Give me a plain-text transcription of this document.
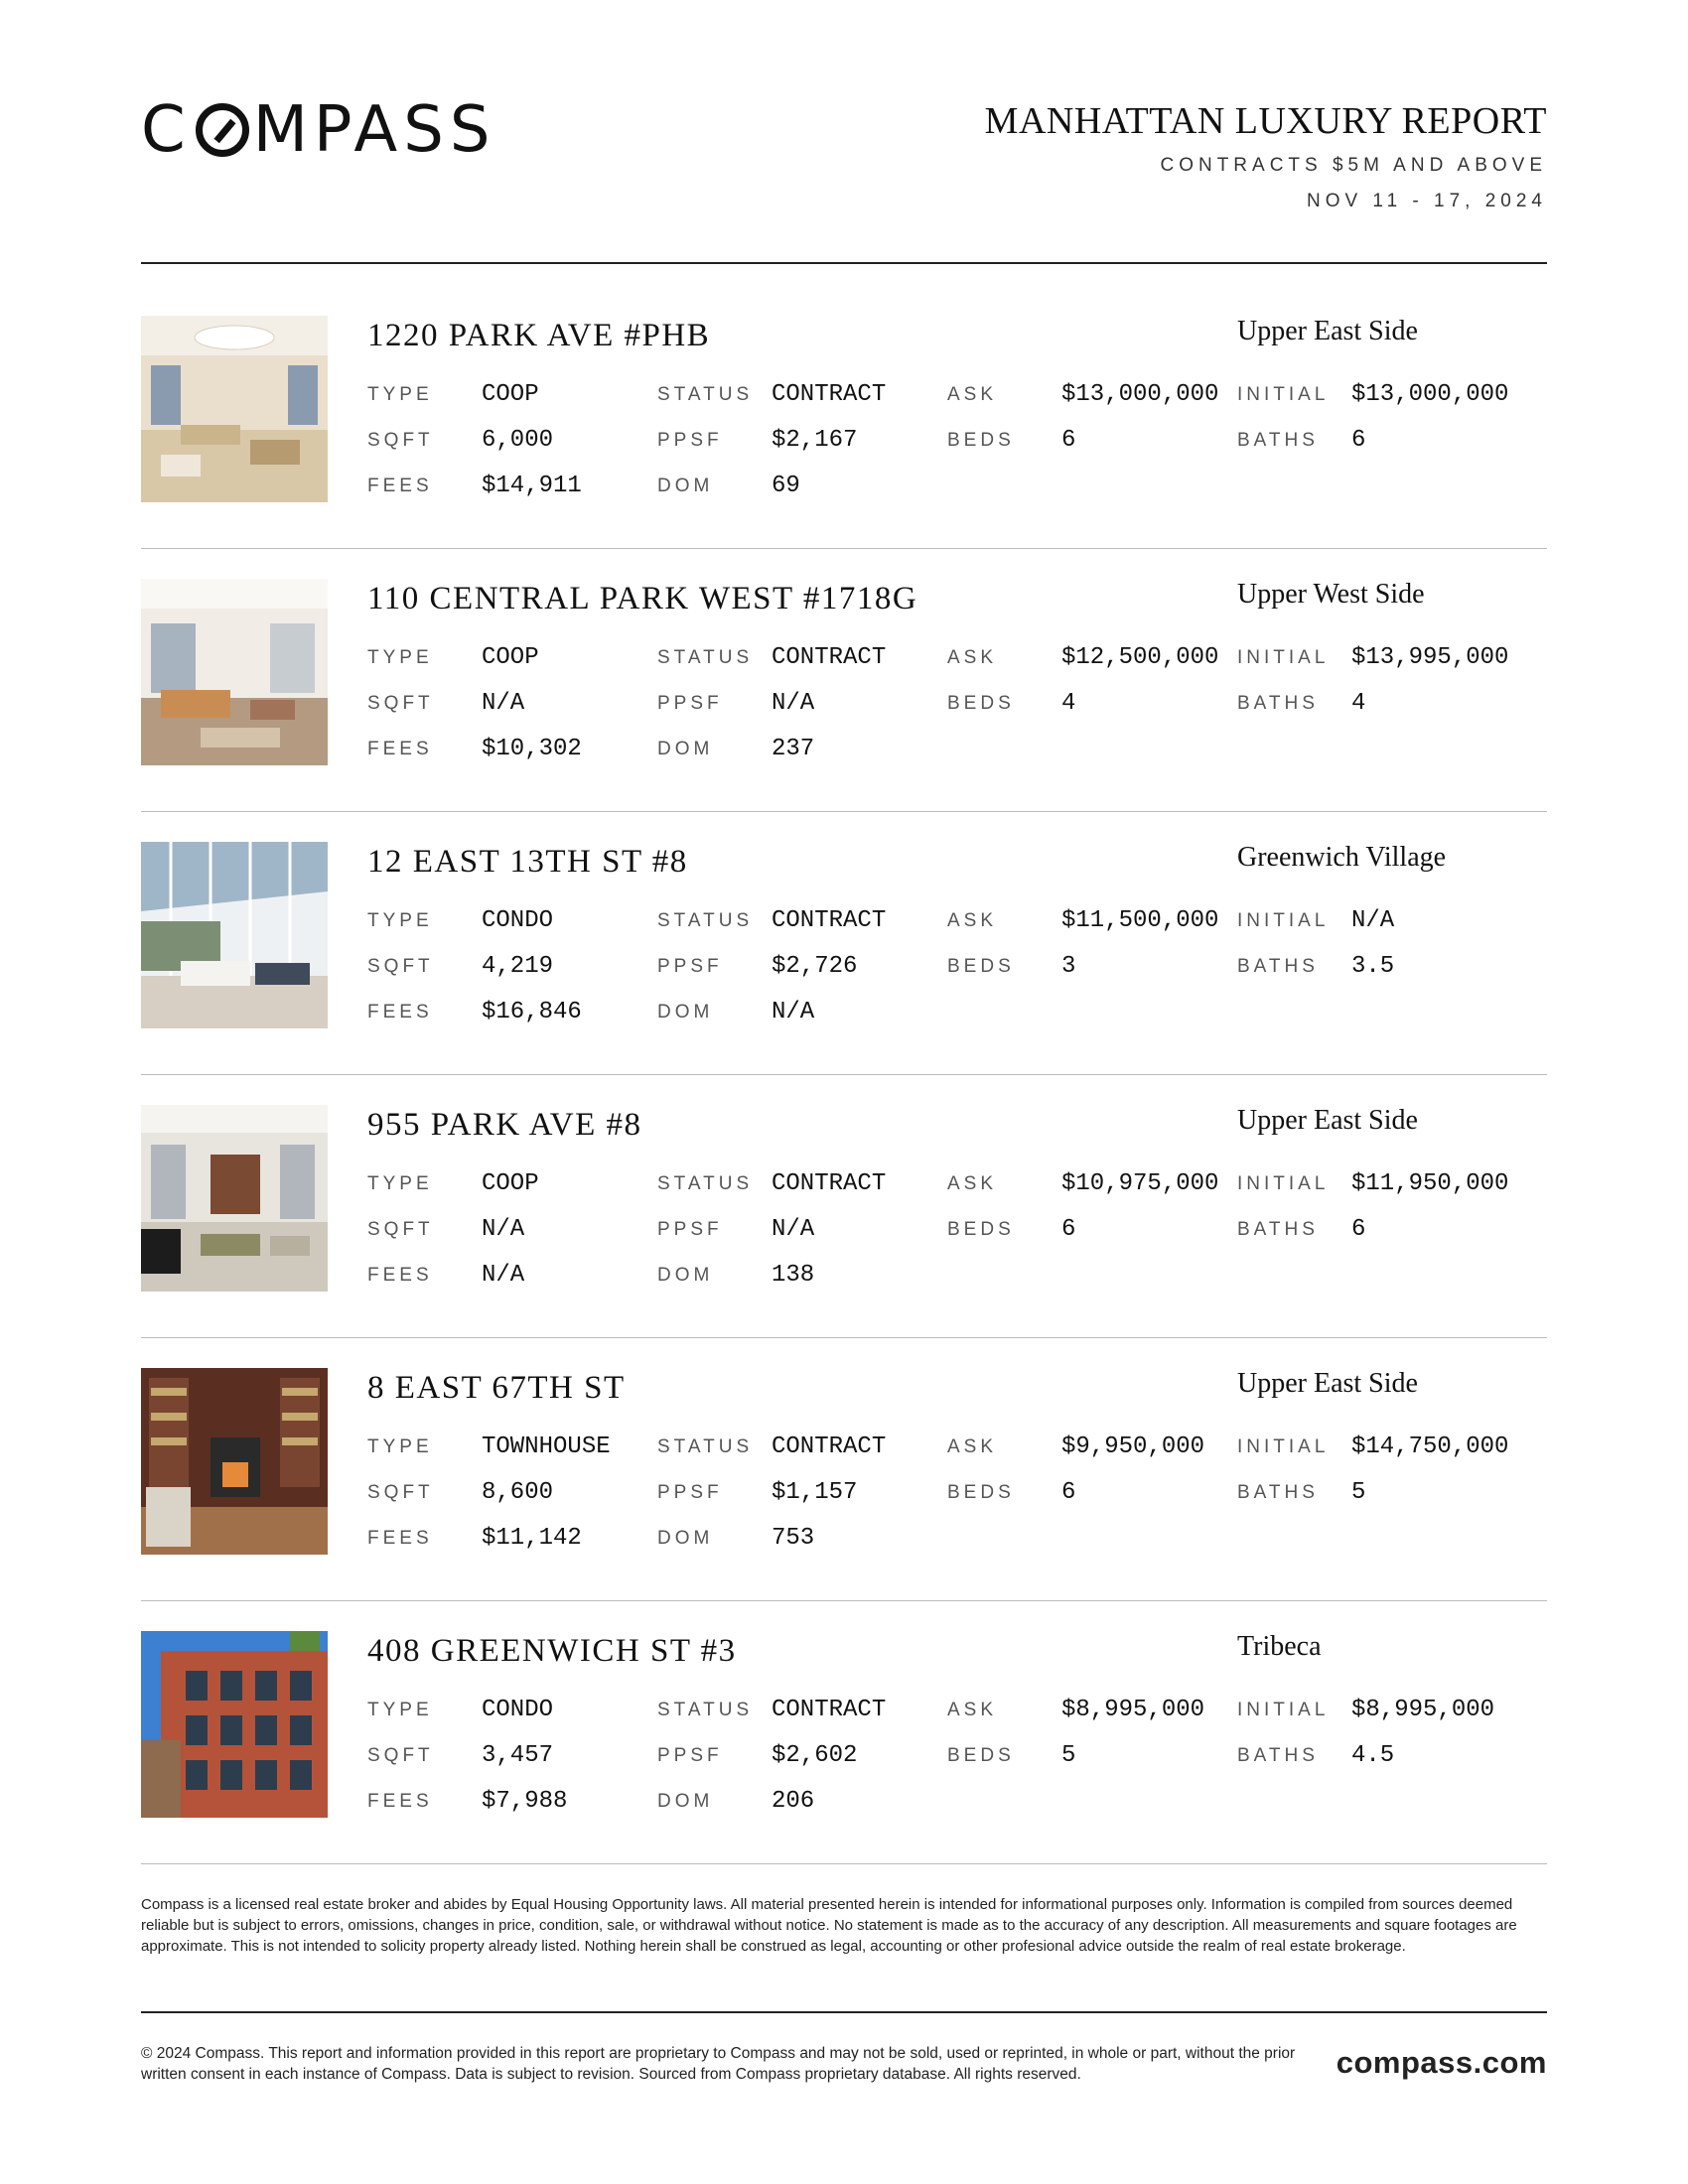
C MPASS	MANHATTAN LUXURY REPORT
CONTRACTS $5M AND ABOVE
NOV 11 - 17, 2024
1220 PARK AVE #PHB	Upper East Side
TYPE COOP	STATUS CONTRACT	ASK	$13,000,000 INITIAL $13,000,000
SQFT 6,000	PPSF $2,167	BEDS 6	BATHS 6
FEES $14,911	DOM 69
110 CENTRAL PARK WEST #1718G	Upper West Side
TYPE COOP	STATUS CONTRACT	ASK	$12,500,000 INITIAL $13,995,000
SQFT N/A	PPSF N/A	BEDS 4	BATHS 4
FEES $10,302	DOM 237
12 EAST 13TH ST #8	Greenwich Village
TYPE CONDO	STATUS CONTRACT	ASK	$11,500,000 INITIAL N/A
SQFT 4,219	PPSF $2,726	BEDS 3	BATHS 3.5
FEES $16,846	DOM N/A
955 PARK AVE #8	Upper East Side
TYPE COOP	STATUS CONTRACT	ASK	$10,975,000 INITIAL $11,950,000
SQFT N/A	PPSF N/A	BEDS 6	BATHS 6
FEES N/A	DOM 138
8 EAST 67TH ST	Upper East Side
TYPE TOWNHOUSE STATUS CONTRACT	ASK	$9,950,000 INITIAL $14,750,000
SQFT 8,600	PPSF $1,157	BEDS 6	BATHS 5
FEES $11,142	DOM 753
408 GREENWICH ST #3	Tribeca
TYPE CONDO	STATUS CONTRACT	ASK	$8,995,000 INITIAL $8,995,000
SQFT 3,457	PPSF $2,602	BEDS 5	BATHS 4.5
FEES $7,988	DOM 206
Compass is a licensed real estate broker and abides by Equal Housing Opportunity laws. All material presented herein is intended for informational purposes only. Information is compiled from sources deemed reliable but is subject to errors, omissions, changes in price, condition, sale, or withdrawal without notice. No statement is made as to the accuracy of any description. All measurements and square footages are approximate. This is not intended to solicity property already listed. Nothing herein shall be construed as legal, accounting or other profesional advice outside the realm of real estate brokerage.
© 2024 Compass. This report and information provided in this report are proprietary to Compass and may not be sold, used or reprinted, in whole or part, without the prior written consent in each instance of Compass. Data is subject to revision. Sourced from Compass proprietary database. All rights reserved.	compass.com
